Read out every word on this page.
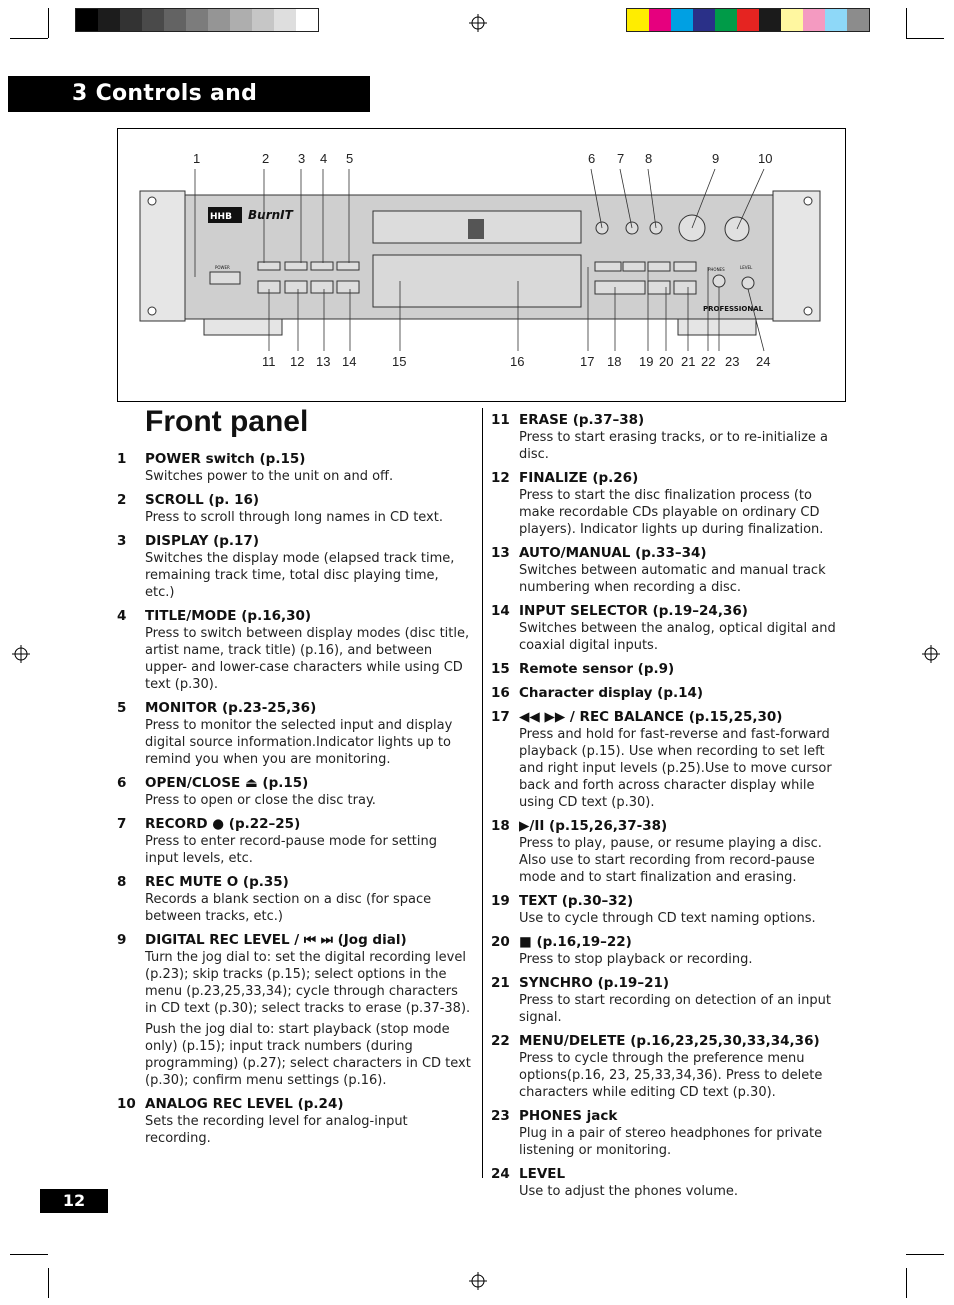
3 Controls and Displays
HHB BurnIT
POWER	PHONES	LEVEL
PROFESSIONAL
1	2 3 4 5	6 7 8	9	10
11 12 13 14	15	16	17 18 19 20 21 22 23 24
Front panel
1 POWER switch (p.15)

Switches power to the unit on and off.

2 SCROLL (p. 16)

Press to scroll through long names in CD text.

3 DISPLAY (p.17)

Switches the display mode (elapsed track time, remaining track time, total disc playing time, etc.)

4 TITLE/MODE (p.16,30)

Press to switch between display modes (disc title, artist name, track title) (p.16), and between upper- and lower-case characters while using CD text (p.30).

5 MONITOR (p.23-25,36)

Press to monitor the selected input and display digital source information.Indicator lights up to remind you when you are monitoring.

6 OPEN/CLOSE ⏏ (p.15)

Press to open or close the disc tray.

7 RECORD ● (p.22–25)

Press to enter record-pause mode for setting input levels, etc.

8 REC MUTE O (p.35)

Records a blank section on a disc (for space between tracks, etc.)

9 DIGITAL REC LEVEL / ⏮ ⏭ (Jog dial)

Turn the jog dial to: set the digital recording level (p.23); skip tracks (p.15); select options in the menu (p.23,25,33,34); cycle through characters in CD text (p.30); select tracks to erase (p.37-38).

Push the jog dial to: start playback (stop mode only) (p.15); input track numbers (during programming) (p.27); select characters in CD text (p.30); confirm menu settings (p.16).

10 ANALOG REC LEVEL (p.24)

Sets the recording level for analog-input recording.

11 ERASE (p.37–38)

Press to start erasing tracks, or to re-initialize a disc.

12 FINALIZE (p.26)

Press to start the disc finalization process (to make recordable CDs playable on ordinary CD players). Indicator lights up during finalization.

13 AUTO/MANUAL (p.33–34)

Switches between automatic and manual track numbering when recording a disc.

14 INPUT SELECTOR (p.19–24,36)

Switches between the analog, optical digital and coaxial digital inputs.

15 Remote sensor (p.9)
16 Character display (p.14)
17 ◀◀ ▶▶ / REC BALANCE (p.15,25,30)

Press and hold for fast-reverse and fast-forward playback (p.15). Use when recording to set left and right input levels (p.25).Use to move cursor back and forth across character display while using CD text (p.30).

18 ▶/II (p.15,26,37-38)

Press to play, pause, or resume playing a disc. Also use to start recording from record-pause mode and to start finalization and erasing.

19 TEXT (p.30–32)

Use to cycle through CD text naming options.

20 ■ (p.16,19–22)

Press to stop playback or recording.

21 SYNCHRO (p.19–21)

Press to start recording on detection of an input signal.

22 MENU/DELETE (p.16,23,25,30,33,34,36)

Press to cycle through the preference menu options(p.16, 23, 25,33,34,36). Press to delete characters while editing CD text (p.30).

23 PHONES jack

Plug in a pair of stereo headphones for private listening or monitoring.

24 LEVEL

Use to adjust the phones volume.

12
